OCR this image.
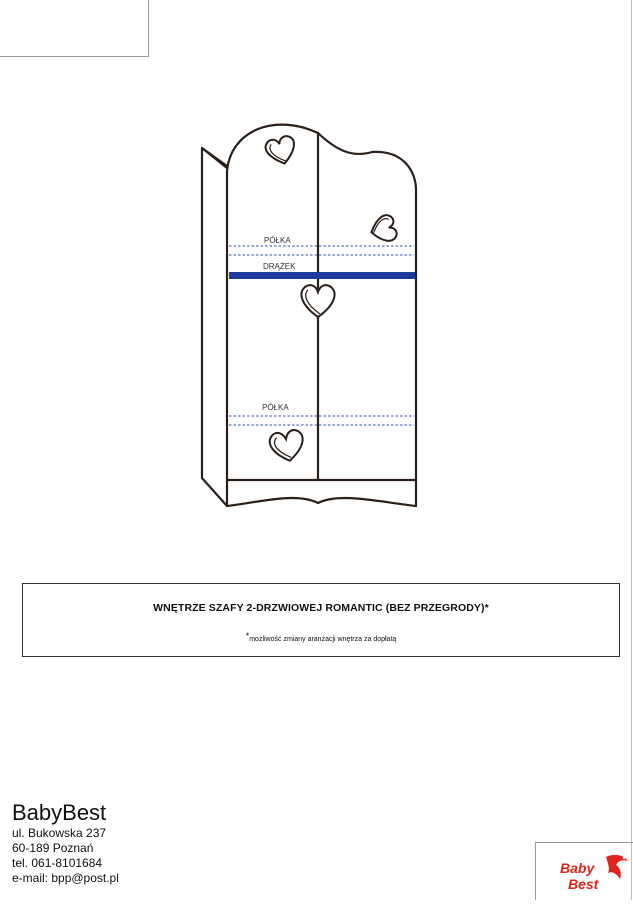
PÓŁKA
DRĄŻEK
PÓŁKA
WNĘTRZE SZAFY 2-DRZWIOWEJ ROMANTIC (BEZ PRZEGRODY)*
*możliwość zmiany aranżacji wnętrza za dopłatą
BabyBest
ul. Bukowska 237
60-189 Poznań
tel. 061-8101684
e-mail: bpp@post.pl
Baby
Best
